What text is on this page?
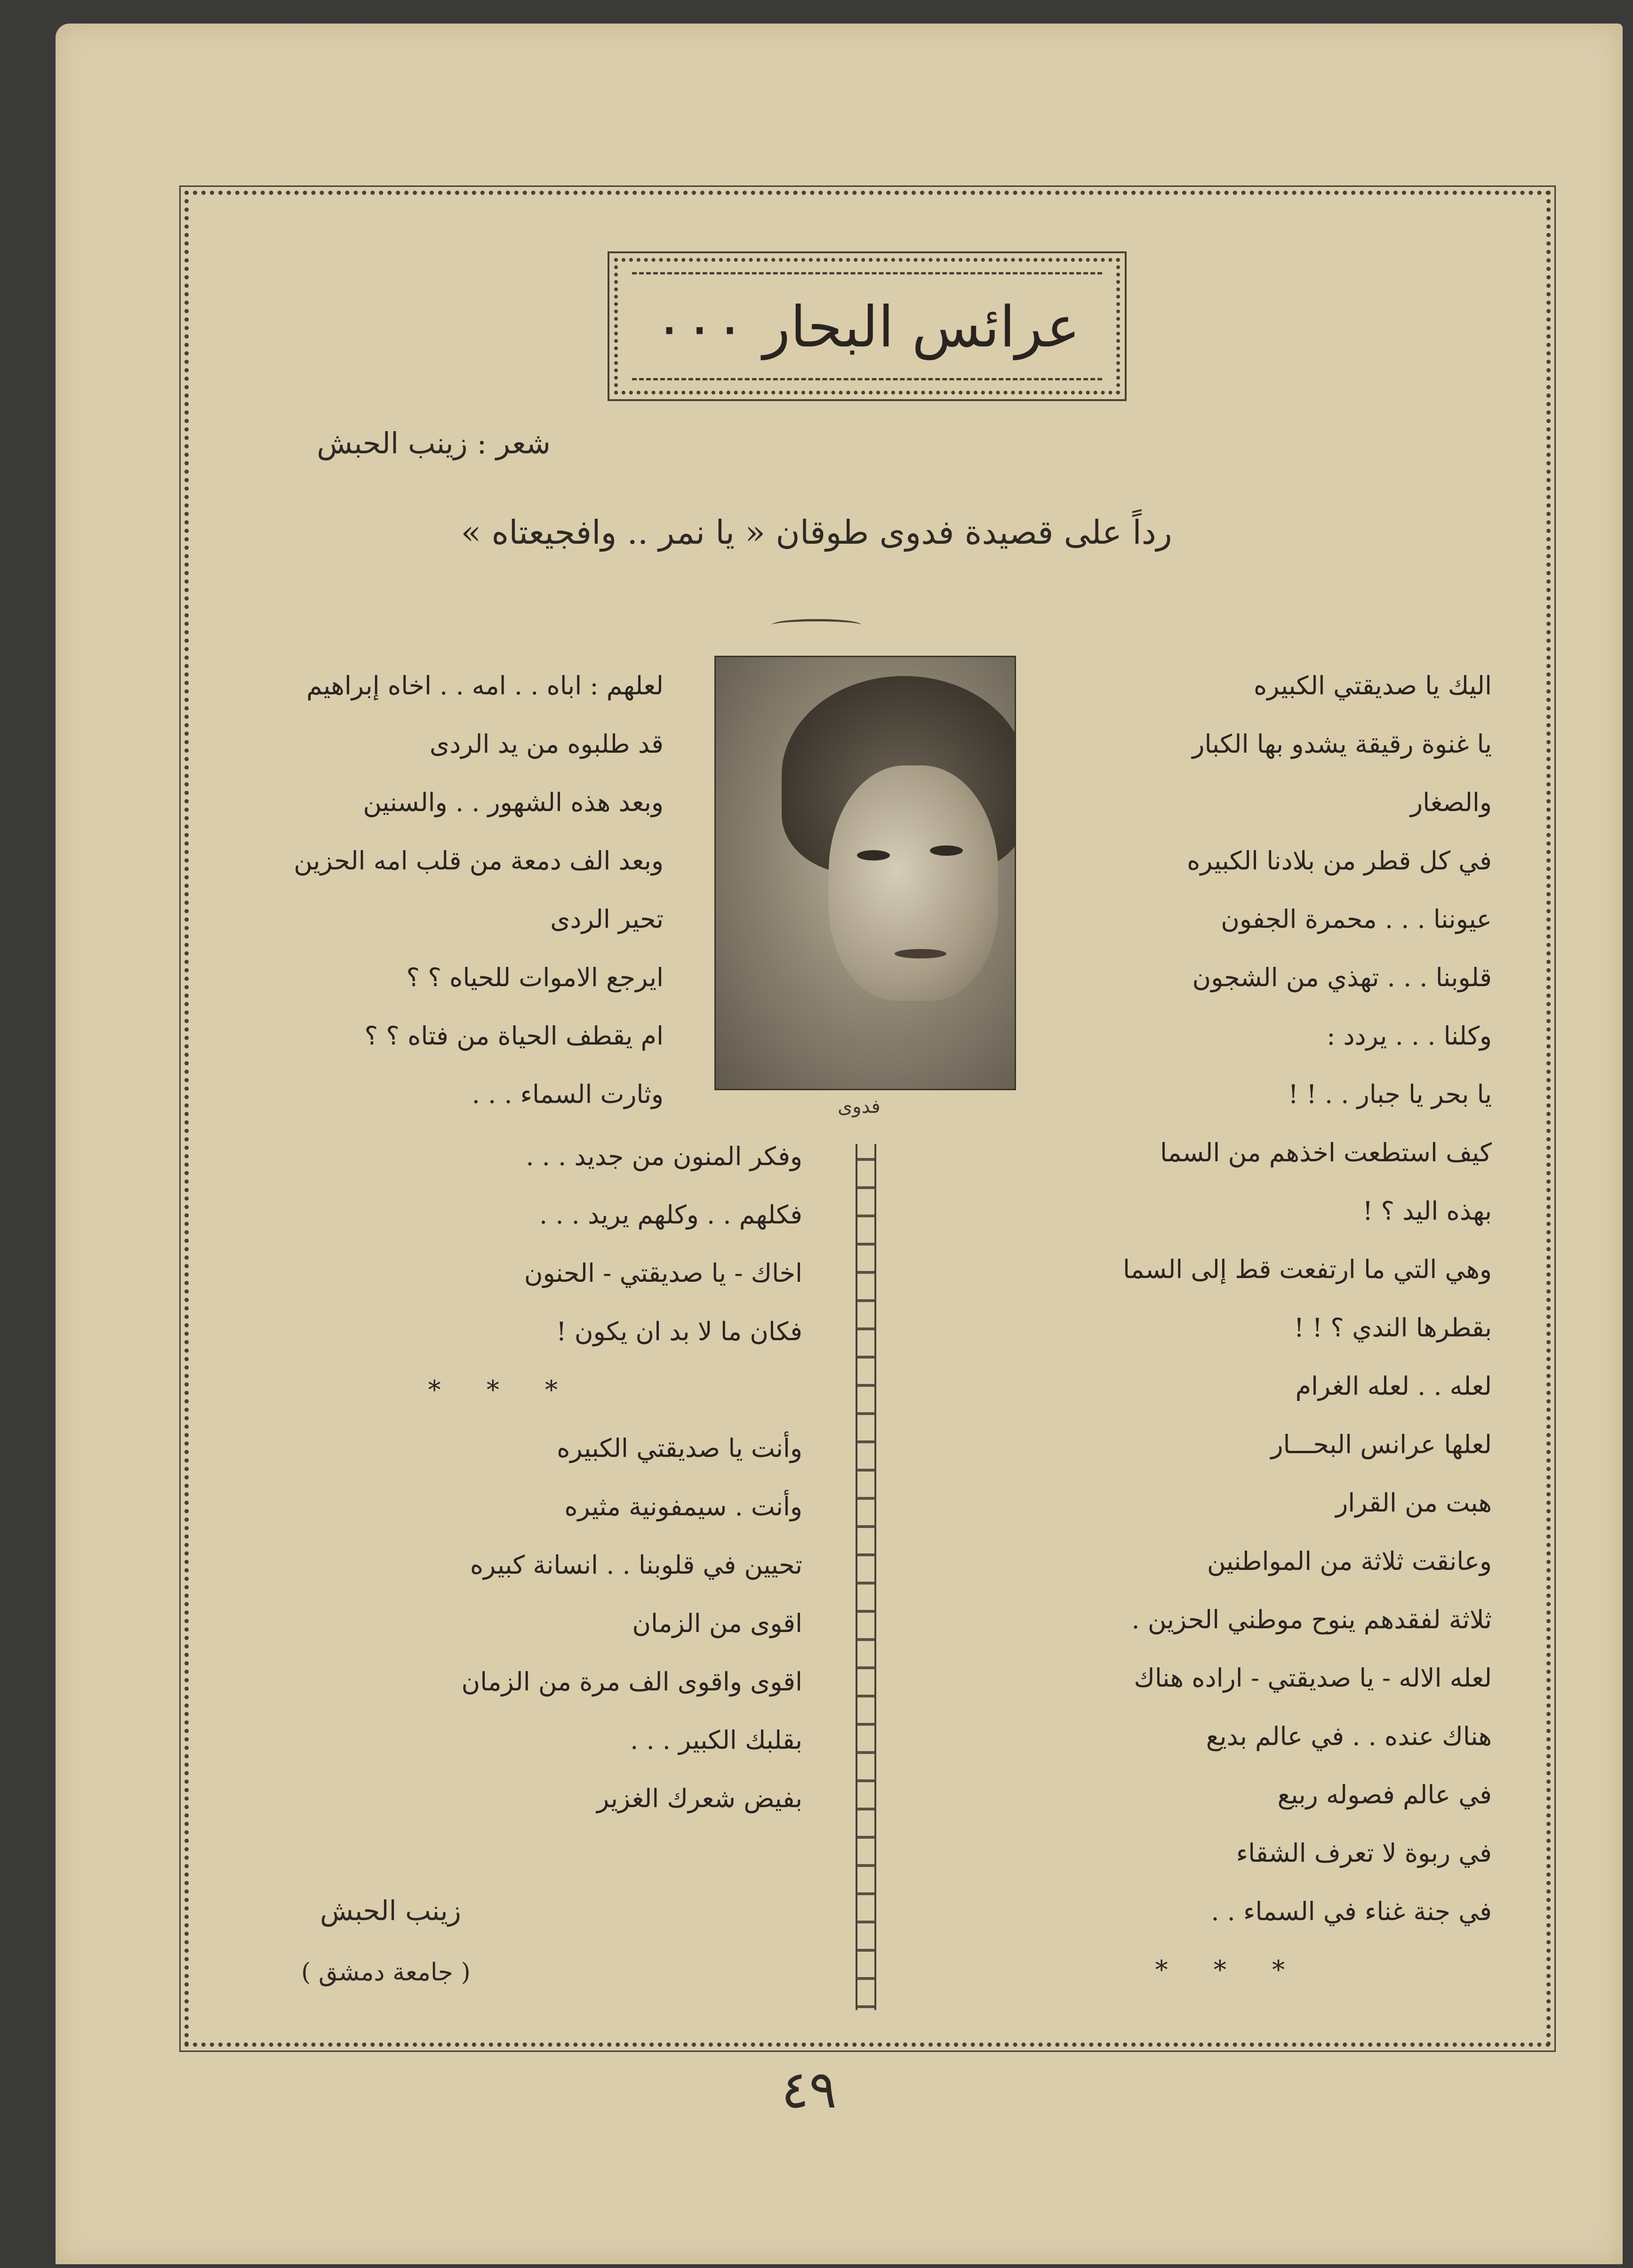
عرائس البحار ٠٠٠
شعر : زينب الحبش
رداً على قصيدة فدوى طوقان « يا نمر .. وافجيعتاه »
اليك يا صديقتي الكبيره
يا غنوة رقيقة يشدو بها الكبار
والصغار
في كل قطر من بلادنا الكبيره
عيوننا . . . محمرة الجفون
قلوبنا . . . تهذي من الشجون
وكلنا . . . يردد :
يا بحر يا جبار . . ! !
كيف استطعت اخذهم من السما
بهذه اليد ؟ !
وهي التي ما ارتفعت قط إلى السما
بقطرها الندي ؟ ! !
لعله . . لعله الغرام
لعلها عرانس البحـــار
هبت من القرار
وعانقت ثلاثة من المواطنين
ثلاثة لفقدهم ينوح موطني الحزين .
لعله الاله - يا صديقتي - اراده هناك
هناك عنده . . في عالم بديع
في عالم فصوله ربيع
في ربوة لا تعرف الشقاء
في جنة غناء في السماء . .
* * *
فدوى
لعلهم : اباه . . امه . . اخاه إبراهيم
قد طلبوه من يد الردى
وبعد هذه الشهور . . والسنين
وبعد الف دمعة من قلب امه الحزين
تحير الردى
ايرجع الاموات للحياه ؟ ؟
ام يقطف الحياة من فتاه ؟ ؟
وثارت السماء . . .
وفكر المنون من جديد . . .
فكلهم . . وكلهم يريد . . .
اخاك - يا صديقتي - الحنون
فكان ما لا بد ان يكون !
* * *
وأنت يا صديقتي الكبيره
وأنت . سيمفونية مثيره
تحيين في قلوبنا . . انسانة كبيره
اقوى من الزمان
اقوى واقوى الف مرة من الزمان
بقلبك الكبير . . .
بفيض شعرك الغزير
زينب الحبش
( جامعة دمشق )
٤٩
